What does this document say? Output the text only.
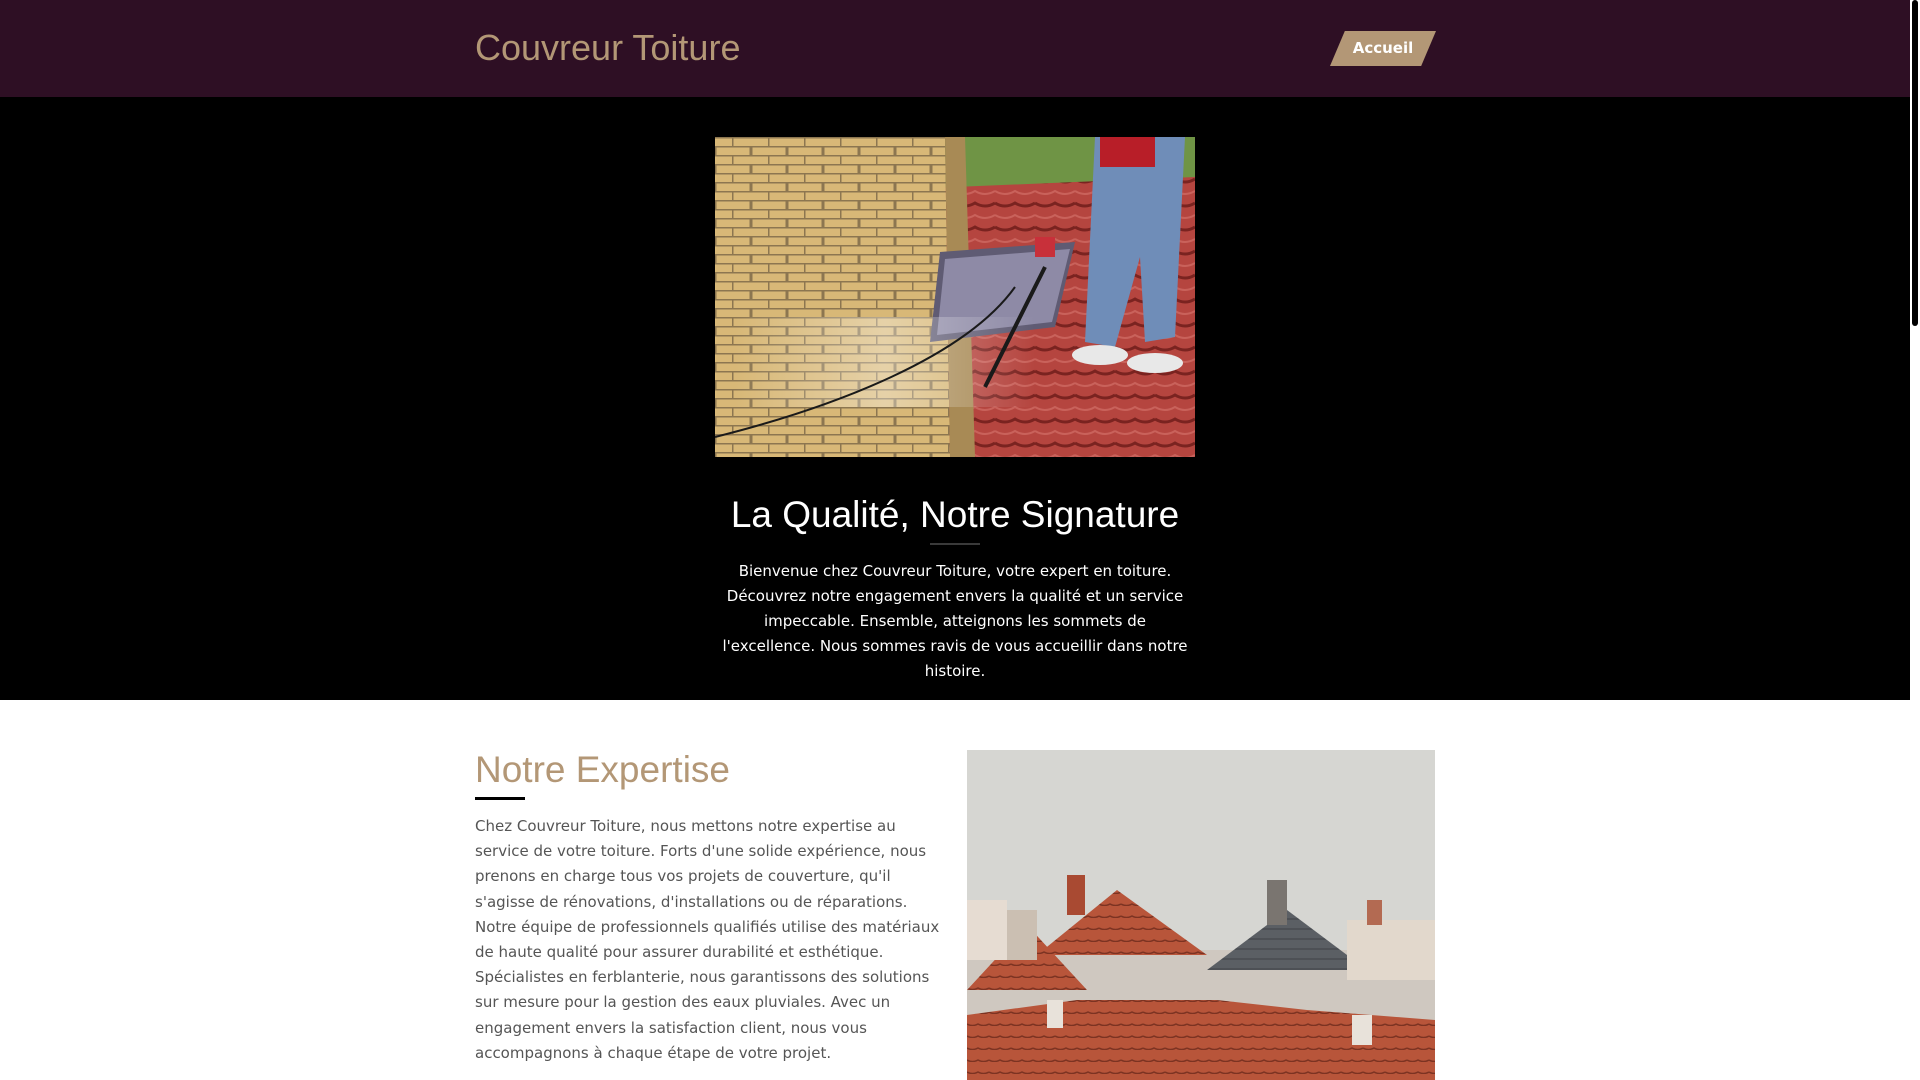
Couvreur Toiture	Accueil
La Qualité, Notre Signature

Bienvenue chez Couvreur Toiture, votre expert en toiture. Découvrez notre engagement envers la qualité et un service impeccable. Ensemble, atteignons les sommets de l'excellence. Nous sommes ravis de vous accueillir dans notre histoire.

Notre Expertise

Chez Couvreur Toiture, nous mettons notre expertise au service de votre toiture. Forts d'une solide expérience, nous prenons en charge tous vos projets de couverture, qu'il s'agisse de rénovations, d'installations ou de réparations. Notre équipe de professionnels qualifiés utilise des matériaux de haute qualité pour assurer durabilité et esthétique. Spécialistes en ferblanterie, nous garantissons des solutions sur mesure pour la gestion des eaux pluviales. Avec un engagement envers la satisfaction client, nous vous accompagnons à chaque étape de votre projet.
